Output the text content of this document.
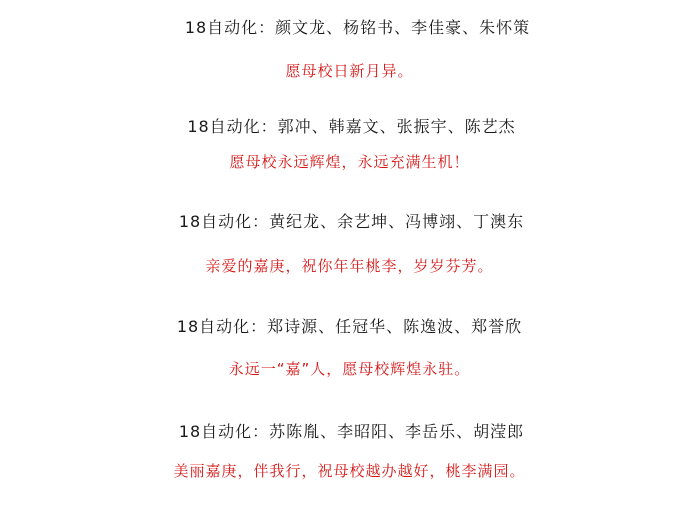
18自动化：颜文龙、杨铭书、李佳豪、朱怀策
愿母校日新月异。
18自动化：郭冲、韩嘉文、张振宇、陈艺杰
愿母校永远辉煌，永远充满生机！
18自动化：黄纪龙、余艺坤、冯博翊、丁澳东
亲爱的嘉庚，祝你年年桃李，岁岁芬芳。
18自动化：郑诗源、任冠华、陈逸波、郑誉欣
永远一“嘉”人，愿母校辉煌永驻。
18自动化：苏陈胤、李昭阳、李岳乐、胡滢郎
美丽嘉庚，伴我行，祝母校越办越好，桃李满园。
